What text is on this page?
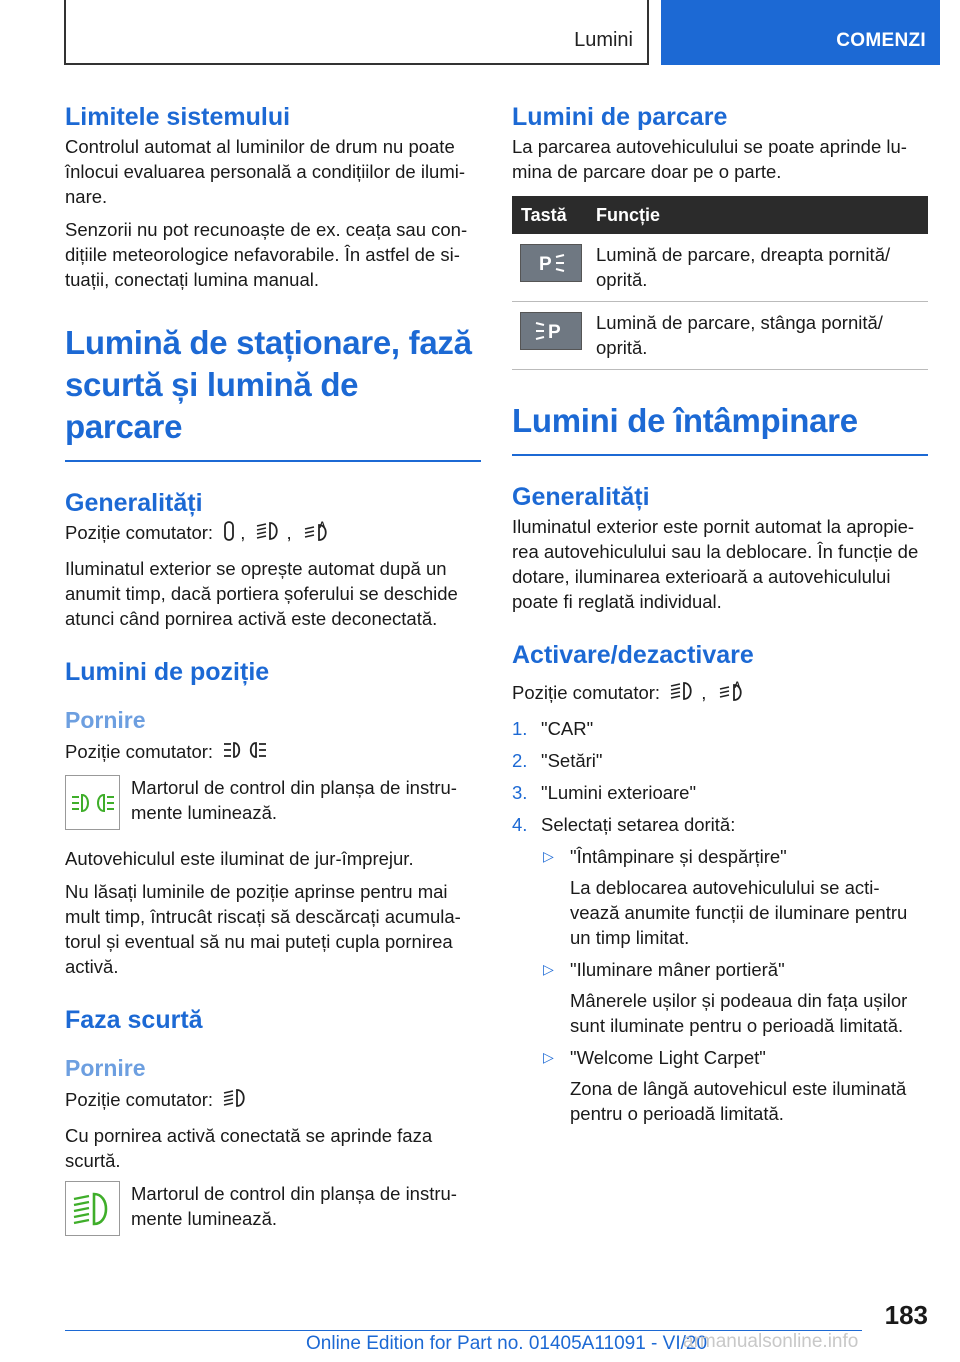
Lumini	COMENZI
Limitele sistemului

Controlul automat al luminilor de drum nu poate înlocui evaluarea personală a condițiilor de ilumi-nare.

Senzorii nu pot recunoaște de ex. ceața sau con-dițiile meteorologice nefavorabile. În astfel de si-tuații, conectați lumina manual.

Lumină de staționare, fază
scurtă și lumină de parcare
Generalități

Poziție comutator: , , A

Iluminatul exterior se oprește automat după un anumit timp, dacă portiera șoferului se deschide atunci când pornirea activă este deconectată.

Lumini de poziție
Pornire

Poziție comutator:

Martorul de control din planșa de instru-mente luminează.

Autovehiculul este iluminat de jur-împrejur.

Nu lăsați luminile de poziție aprinse pentru mai mult timp, întrucât riscați să descărcați acumula-torul și eventual să nu mai puteți cupla pornirea activă.

Faza scurtă
Pornire

Poziție comutator:

Cu pornirea activă conectată se aprinde faza scurtă.

Martorul de control din planșa de instru-mente luminează.

Lumini de parcare

La parcarea autovehiculului se poate aprinde lu-mina de parcare doar pe o parte.

Tastă	Funcție

P	Lumină de parcare, dreapta pornită/ oprită.

P	Lumină de parcare, stânga pornită/ oprită.
Lumini de întâmpinare
Generalități

Iluminatul exterior este pornit automat la apropie-rea autovehiculului sau la deblocare. În funcție de dotare, iluminarea exterioară a autovehiculului poate fi reglată individual.

Activare/dezactivare

Poziție comutator: , A

1. "CAR"
2. "Setări"
3. "Lumini exterioare"
4. Selectați setarea dorită:
▷ "Întâmpinare și despărțire"
La deblocarea autovehiculului se acti-vează anumite funcții de iluminare pentru un timp limitat.
▷ "Iluminare mâner portieră"
Mânerele ușilor și podeaua din fața ușilor sunt iluminate pentru o perioadă limitată.
▷ "Welcome Light Carpet"
Zona de lângă autovehicul este iluminată pentru o perioadă limitată.
183
Online Edition for Part no. 01405A11091 - VI/20
armanualsonline.info
